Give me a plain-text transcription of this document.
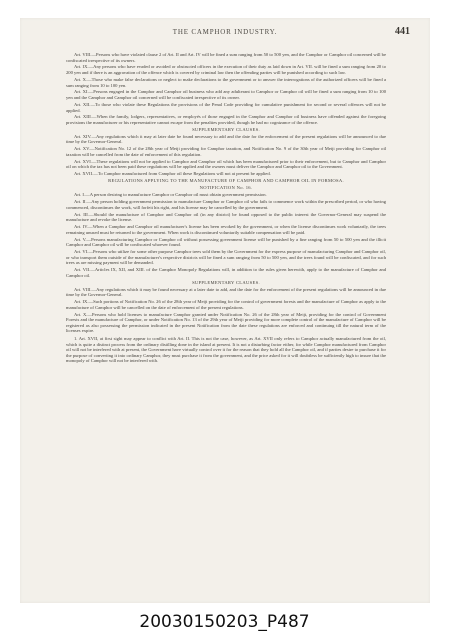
THE CAMPHOR INDUSTRY.	441

Art. VIII.—Persons who have violated clause 2 of Art. II and Art. IV will be fined a sum ranging from 50 to 500 yen, and the Camphor or Camphor oil concerned will be confiscated irrespective of its owners.

Art. IX.—Any persons who have evaded or avoided or obstructed officers in the execution of their duty as laid down in Art. VII. will be fined a sum ranging from 20 to 200 yen and if there is an aggravation of the offence which is covered by criminal law then the offending parties will be punished according to such law.

Art. X.—Those who make false declarations or neglect to make declarations to the government or to answer the interrogations of the authorized officers will be fined a sum ranging from 10 to 100 yen.

Art. XI.—Persons engaged in the Camphor and Camphor oil business who add any adulterant to Camphor or Camphor oil will be fined a sum ranging from 10 to 100 yen and the Camphor and Camphor oil concerned will be confiscated irrespective of its owner.

Art. XII.—To those who violate these Regulations the provisions of the Penal Code providing for cumulative punishment for second or several offences will not be applied.

Art. XIII.—When the family, lodgers, representatives, or employés of those engaged in the Camphor and Camphor oil business have offended against the foregoing provisions the manufacturer or his representative cannot escape from the penalties provided, though he had no cognizance of the offence.

SUPPLEMENTARY CLAUSES.

Art. XIV.—Any regulations which it may at later date be found necessary to add and the date for the enforcement of the present regulations will be announced to due time by the Governor-General.

Art. XV.—Notification No. 12 of the 28th year of Meiji providing for Camphor taxation, and Notification No. 9 of the 30th year of Meiji providing for Camphor oil taxation will be cancelled from the date of enforcement of this regulation.

Art. XVI.—These regulations will not be applied to Camphor and Camphor oil which has been manufactured prior to their enforcement, but to Camphor and Camphor oil on which the tax has not been paid these regulations will be applied and the owners must deliver the Camphor and Camphor oil to the Government.

Art. XVII.—To Camphor manufactured from Camphor oil these Regulations will not at present be applied.

REGULATIONS APPLYING TO THE MANUFACTURE OF CAMPHOR AND CAMPHOR OIL IN FORMOSA.

NOTIFICATION No. 16.

Art. I.—A person desiring to manufacture Camphor or Camphor oil must obtain government permission.

Art. II.—Any person holding government permission to manufacture Camphor or Camphor oil who fails to commence work within the prescribed period, or who having commenced, discontinues the work, will forfeit his right, and his license may be cancelled by the government.

Art. III.—Should the manufacture of Camphor and Camphor oil (in any district) be found opposed to the public interest the Governor-General may suspend the manufacture and revoke the license.

Art. IV.—When a Camphor and Camphor oil manufacturer's license has been revoked by the government, or when the license discontinues work voluntarily, the trees remaining unused must be returned to the government. When work is discontinued voluntarily suitable compensation will be paid.

Art. V.—Persons manufacturing Camphor or Camphor oil without possessing government license will be punished by a fine ranging from 50 to 500 yen and the illicit Camphor and Camphor oil will be confiscated whoever found.

Art. VI.—Persons who utilize for some other purpose Camphor trees sold them by the Government for the express purpose of manufacturing Camphor and Camphor oil, or who transport them outside of the manufacturer's respective districts will be fined a sum ranging from 50 to 500 yen, and the trees found will be confiscated, and for such trees as are missing payment will be demanded.

Art. VII.—Articles IX, XII, and XIII. of the Camphor Monopoly Regulations will, in addition to the rules given herewith, apply to the manufacture of Camphor and Camphor oil.

SUPPLEMENTARY CLAUSES.

Art. VIII.—Any regulations which it may be found necessary at a later date to add, and the date for the enforcement of the present regulations will be announced in due time by the Governor-General.

Art. IX.—Such portions of Notification No. 26 of the 28th year of Meiji providing for the control of government forests and the manufacture of Camphor as apply to the manufacture of Camphor will be cancelled on the date of enforcement of the present regulations.

Art. X.—Persons who hold licenses to manufacture Camphor granted under Notification No. 26 of the 28th year of Meiji, providing for the control of Government Forests and the manufacture of Camphor, or under Notification No. 13 of the 29th year of Meiji providing for more complete control of the manufacture of Camphor will be registered as also possessing the permission indicated in the present Notification from the date these regulations are enforced and continuing till the natural term of the licenses expire.

1. Art. XVII, at first sight may appear to conflict with Art. II. This is not the case, however, as Art. XVII only refers to Camphor actually manufactured from the oil, which is quite a distinct process from the ordinary distilling done in the island at present. It is not a disturbing factor either, for while Camphor manufactured from Camphor oil will not be interfered with at present, the Government have virtually control over it for the reason that they hold all the Camphor oil, and if parties desire to purchase it for the purpose of converting it into ordinary Camphor, they must purchase it from the government, and the price asked for it will doubtless be sufficiently high to insure that the monopoly of Camphor will not be interfered with.

20030150203_P487
